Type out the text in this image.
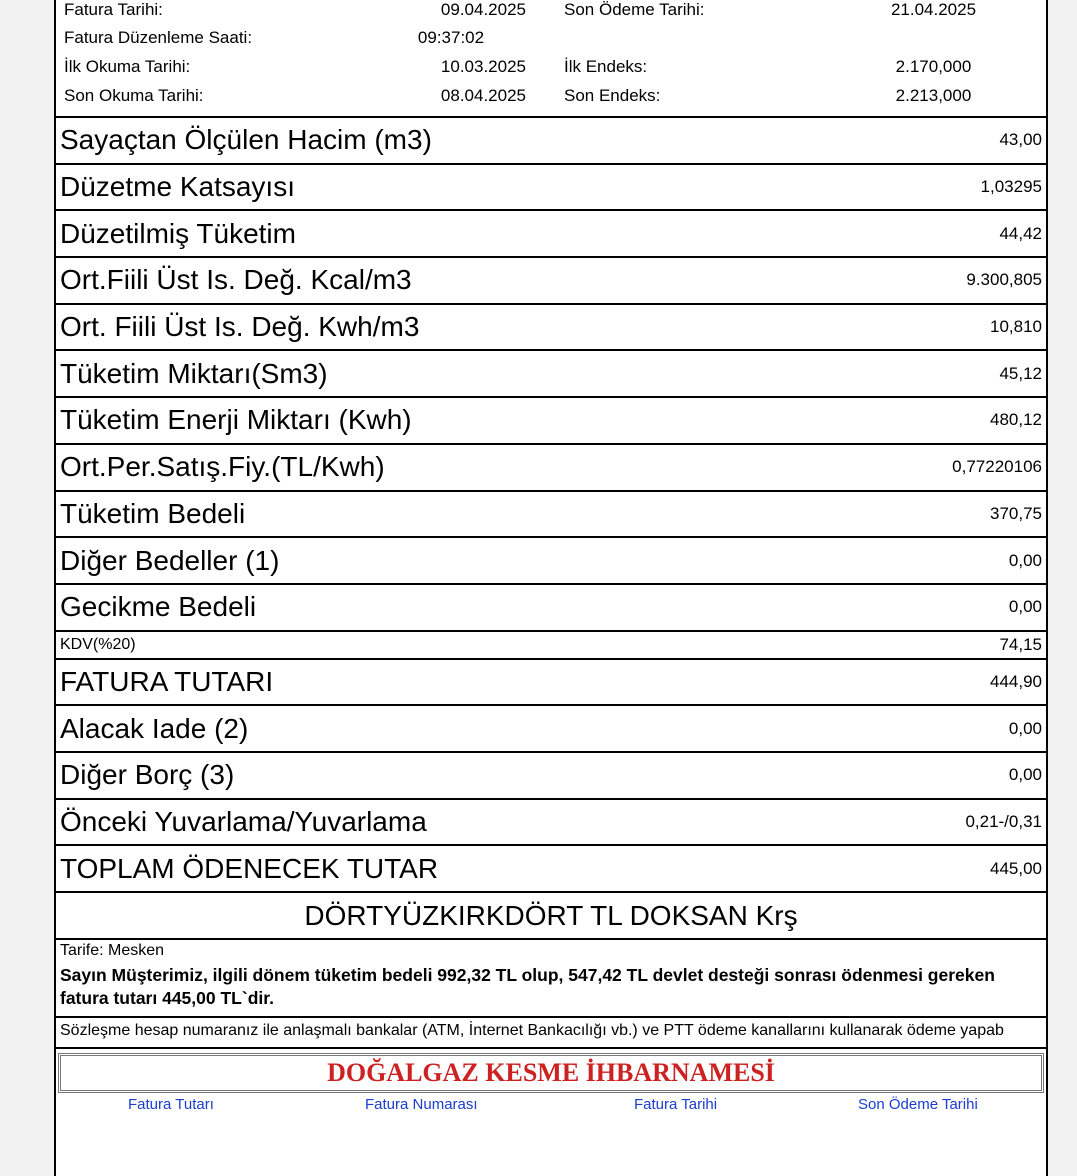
Fatura Tarihi:	09.04.2025 Son Ödeme Tarihi:	21.04.2025
Fatura Düzenleme Saati:	09:37:02
İlk Okuma Tarihi:	10.03.2025 İlk Endeks:	2.170,000
Son Okuma Tarihi:	08.04.2025 Son Endeks:	2.213,000
Sayaçtan Ölçülen Hacim (m3)	43,00
Düzetme Katsayısı	1,03295
Düzetilmiş Tüketim	44,42
Ort.Fiili Üst Is. Değ. Kcal/m3	9.300,805
Ort. Fiili Üst Is. Değ. Kwh/m3	10,810
Tüketim Miktarı(Sm3)	45,12
Tüketim Enerji Miktarı (Kwh)	480,12
Ort.Per.Satış.Fiy.(TL/Kwh)	0,77220106
Tüketim Bedeli	370,75
Diğer Bedeller (1)	0,00
Gecikme Bedeli	0,00
KDV(%20)	74,15
FATURA TUTARI	444,90
Alacak Iade (2)	0,00
Diğer Borç (3)	0,00
Önceki Yuvarlama/Yuvarlama	0,21-/0,31
TOPLAM ÖDENECEK TUTAR	445,00
DÖRTYÜZKIRKDÖRT TL DOKSAN Krş
Tarife: Mesken
Sayın Müşterimiz, ilgili dönem tüketim bedeli 992,32 TL olup, 547,42 TL devlet desteği sonrası ödenmesi gereken fatura tutarı 445,00 TL`dir.
Sözleşme hesap numaranız ile anlaşmalı bankalar (ATM, İnternet Bankacılığı vb.) ve PTT ödeme kanallarını kullanarak ödeme yapab
DOĞALGAZ KESME İHBARNAMESİ
Fatura Tutarı	Fatura Numarası	Fatura Tarihi	Son Ödeme Tarihi
